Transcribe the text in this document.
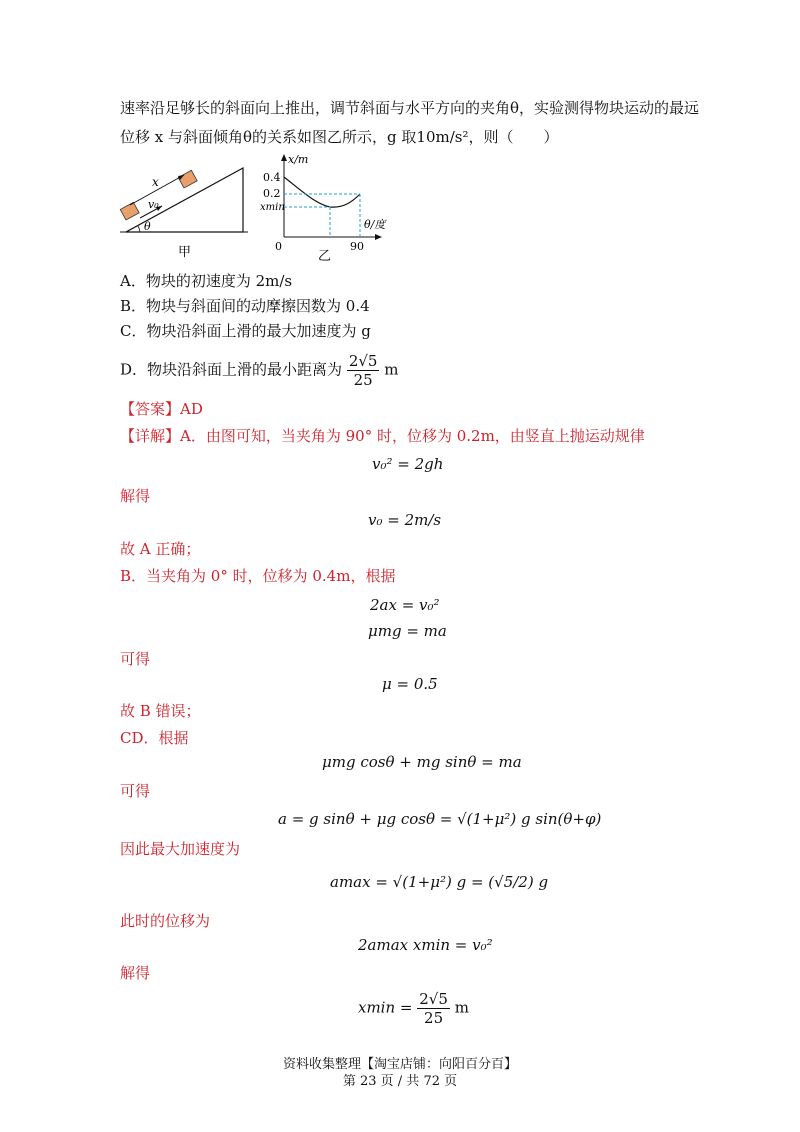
速率沿足够长的斜面向上推出，调节斜面与水平方向的夹角θ，实验测得物块运动的最远
位移 x 与斜面倾角θ的关系如图乙所示，g 取10m/s²，则（　　）
x
v₀
θ
甲
x/m
θ/度
0.4
0.2
xmin
0	90
乙
A．物块的初速度为 2m/s
B．物块与斜面间的动摩擦因数为 0.4
C．物块沿斜面上滑的最大加速度为 g
D．物块沿斜面上滑的最小距离为 $\frac{2√5}{25}$ m
【答案】AD
【详解】A．由图可知，当夹角为 90° 时，位移为 0.2m，由竖直上抛运动规律
v₀² = 2gh
解得
v₀ = 2m/s
故 A 正确；
B．当夹角为 0° 时，位移为 0.4m，根据
2ax = v₀²
μmg = ma
可得
μ = 0.5
故 B 错误；
CD．根据
μmg cosθ + mg sinθ = ma
可得
a = g sinθ + μg cosθ = √(1+μ²) g sin(θ+φ)
因此最大加速度为
amax = √(1+μ²) g = (√5/2) g
此时的位移为
2amax xmin = v₀²
解得
$xmin = \frac{2√5}{25}$ m
资料收集整理【淘宝店铺：向阳百分百】
第 23 页 / 共 72 页
